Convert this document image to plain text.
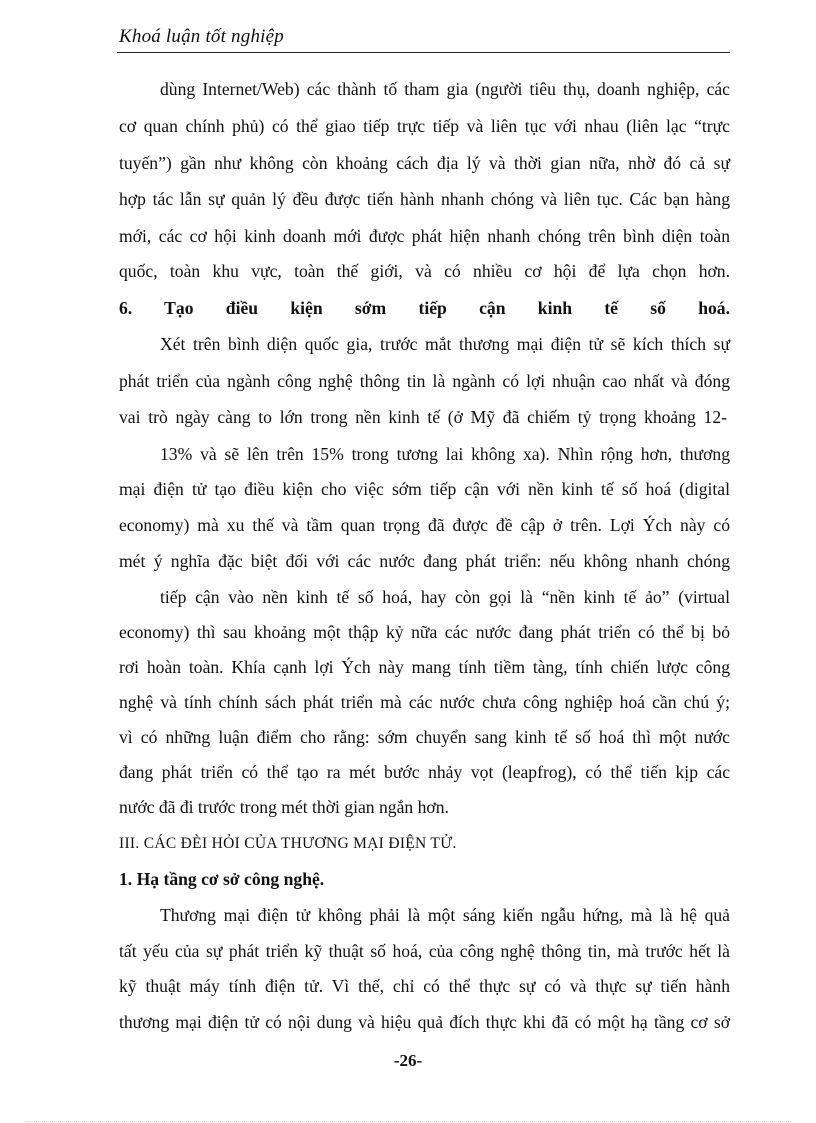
Khoá luận tốt nghiệp
dùng Internet/Web) các thành tố tham gia (người tiêu thụ, doanh nghiệp, các
cơ quan chính phủ) có thể giao tiếp trực tiếp và liên tục với nhau (liên lạc “trực
tuyến”) gần như không còn khoảng cách địa lý và thời gian nữa, nhờ đó cả sự
hợp tác lẫn sự quản lý đều được tiến hành nhanh chóng và liên tục. Các bạn hàng
mới, các cơ hội kinh doanh mới được phát hiện nhanh chóng trên bình diện toàn
quốc, toàn khu vực, toàn thế giới, và có nhiều cơ hội để lựa chọn hơn.
6. Tạo điều kiện sớm tiếp cận kinh tế số hoá.
Xét trên bình diện quốc gia, trước mắt thương mại điện tử sẽ kích thích sự
phát triển của ngành công nghệ thông tin là ngành có lợi nhuận cao nhất và đóng
vai trò ngày càng to lớn trong nền kinh tế (ở Mỹ đã chiếm tỷ trọng khoảng 12-
13% và sẽ lên trên 15% trong tương lai không xa). Nhìn rộng hơn, thương
mại điện tử tạo điều kiện cho việc sớm tiếp cận với nền kinh tế số hoá (digital
economy) mà xu thế và tầm quan trọng đã được đề cập ở trên. Lợi Ých này có
mét ý nghĩa đặc biệt đối với các nước đang phát triển: nếu không nhanh chóng
tiếp cận vào nền kinh tế số hoá, hay còn gọi là “nền kinh tế ảo” (virtual
economy) thì sau khoảng một thập kỷ nữa các nước đang phát triển có thể bị bỏ
rơi hoàn toàn. Khía cạnh lợi Ých này mang tính tiềm tàng, tính chiến lược công
nghệ và tính chính sách phát triển mà các nước chưa công nghiệp hoá cần chú ý;
vì có những luận điểm cho rằng: sớm chuyển sang kinh tế số hoá thì một nước
đang phát triển có thể tạo ra mét bước nhảy vọt (leapfrog), có thể tiến kịp các
nước đã đi trước trong mét thời gian ngắn hơn.
III. CÁC ĐÈI HỎI CỦA THƯƠNG MẠI ĐIỆN TỬ.
1. Hạ tầng cơ sở công nghệ.
Thương mại điện tử không phải là một sáng kiến ngẫu hứng, mà là hệ quả
tất yếu của sự phát triển kỹ thuật số hoá, của công nghệ thông tin, mà trước hết là
kỹ thuật máy tính điện tử. Vì thế, chỉ có thể thực sự có và thực sự tiến hành
thương mại điện tử có nội dung và hiệu quả đích thực khi đã có một hạ tầng cơ sở
-26-
